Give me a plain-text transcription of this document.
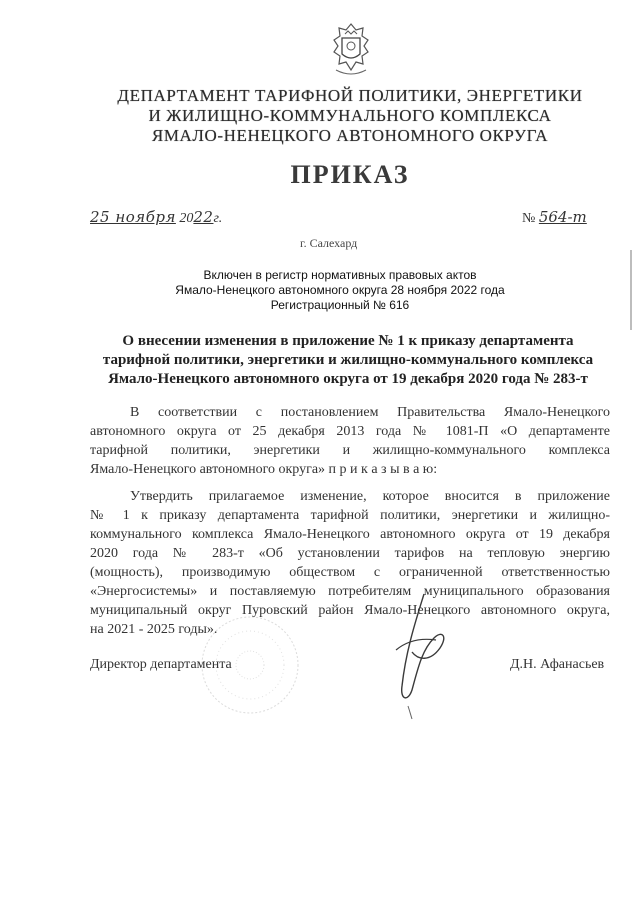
ДЕПАРТАМЕНТ ТАРИФНОЙ ПОЛИТИКИ, ЭНЕРГЕТИКИ
И ЖИЛИЩНО-КОММУНАЛЬНОГО КОМПЛЕКСА
ЯМАЛО-НЕНЕЦКОГО АВТОНОМНОГО ОКРУГА
ПРИКАЗ
25 ноября 2022г.	№ 564-т
г. Салехард
Включен в регистр нормативных правовых актов
Ямало-Ненецкого автономного округа 28 ноября 2022 года
Регистрационный № 616
О внесении изменения в приложение № 1 к приказу департамента
тарифной политики, энергетики и жилищно-коммунального комплекса
Ямало-Ненецкого автономного округа от 19 декабря 2020 года № 283-т
В соответствии с постановлением Правительства Ямало-Ненецкого
автономного округа от 25 декабря 2013 года № 1081-П «О департаменте
тарифной политики, энергетики и жилищно-коммунального комплекса
Ямало-Ненецкого автономного округа» п р и к а з ы в а ю:
Утвердить прилагаемое изменение, которое вносится в приложение
№ 1 к приказу департамента тарифной политики, энергетики и жилищно-
коммунального комплекса Ямало-Ненецкого автономного округа от 19 декабря
2020 года № 283-т «Об установлении тарифов на тепловую энергию
(мощность), производимую обществом с ограниченной ответственностью
«Энергосистемы» и поставляемую потребителям муниципального образования
муниципальный округ Пуровский район Ямало-Ненецкого автономного округа,
на 2021 - 2025 годы».
Директор департамента	Д.Н. Афанасьев
